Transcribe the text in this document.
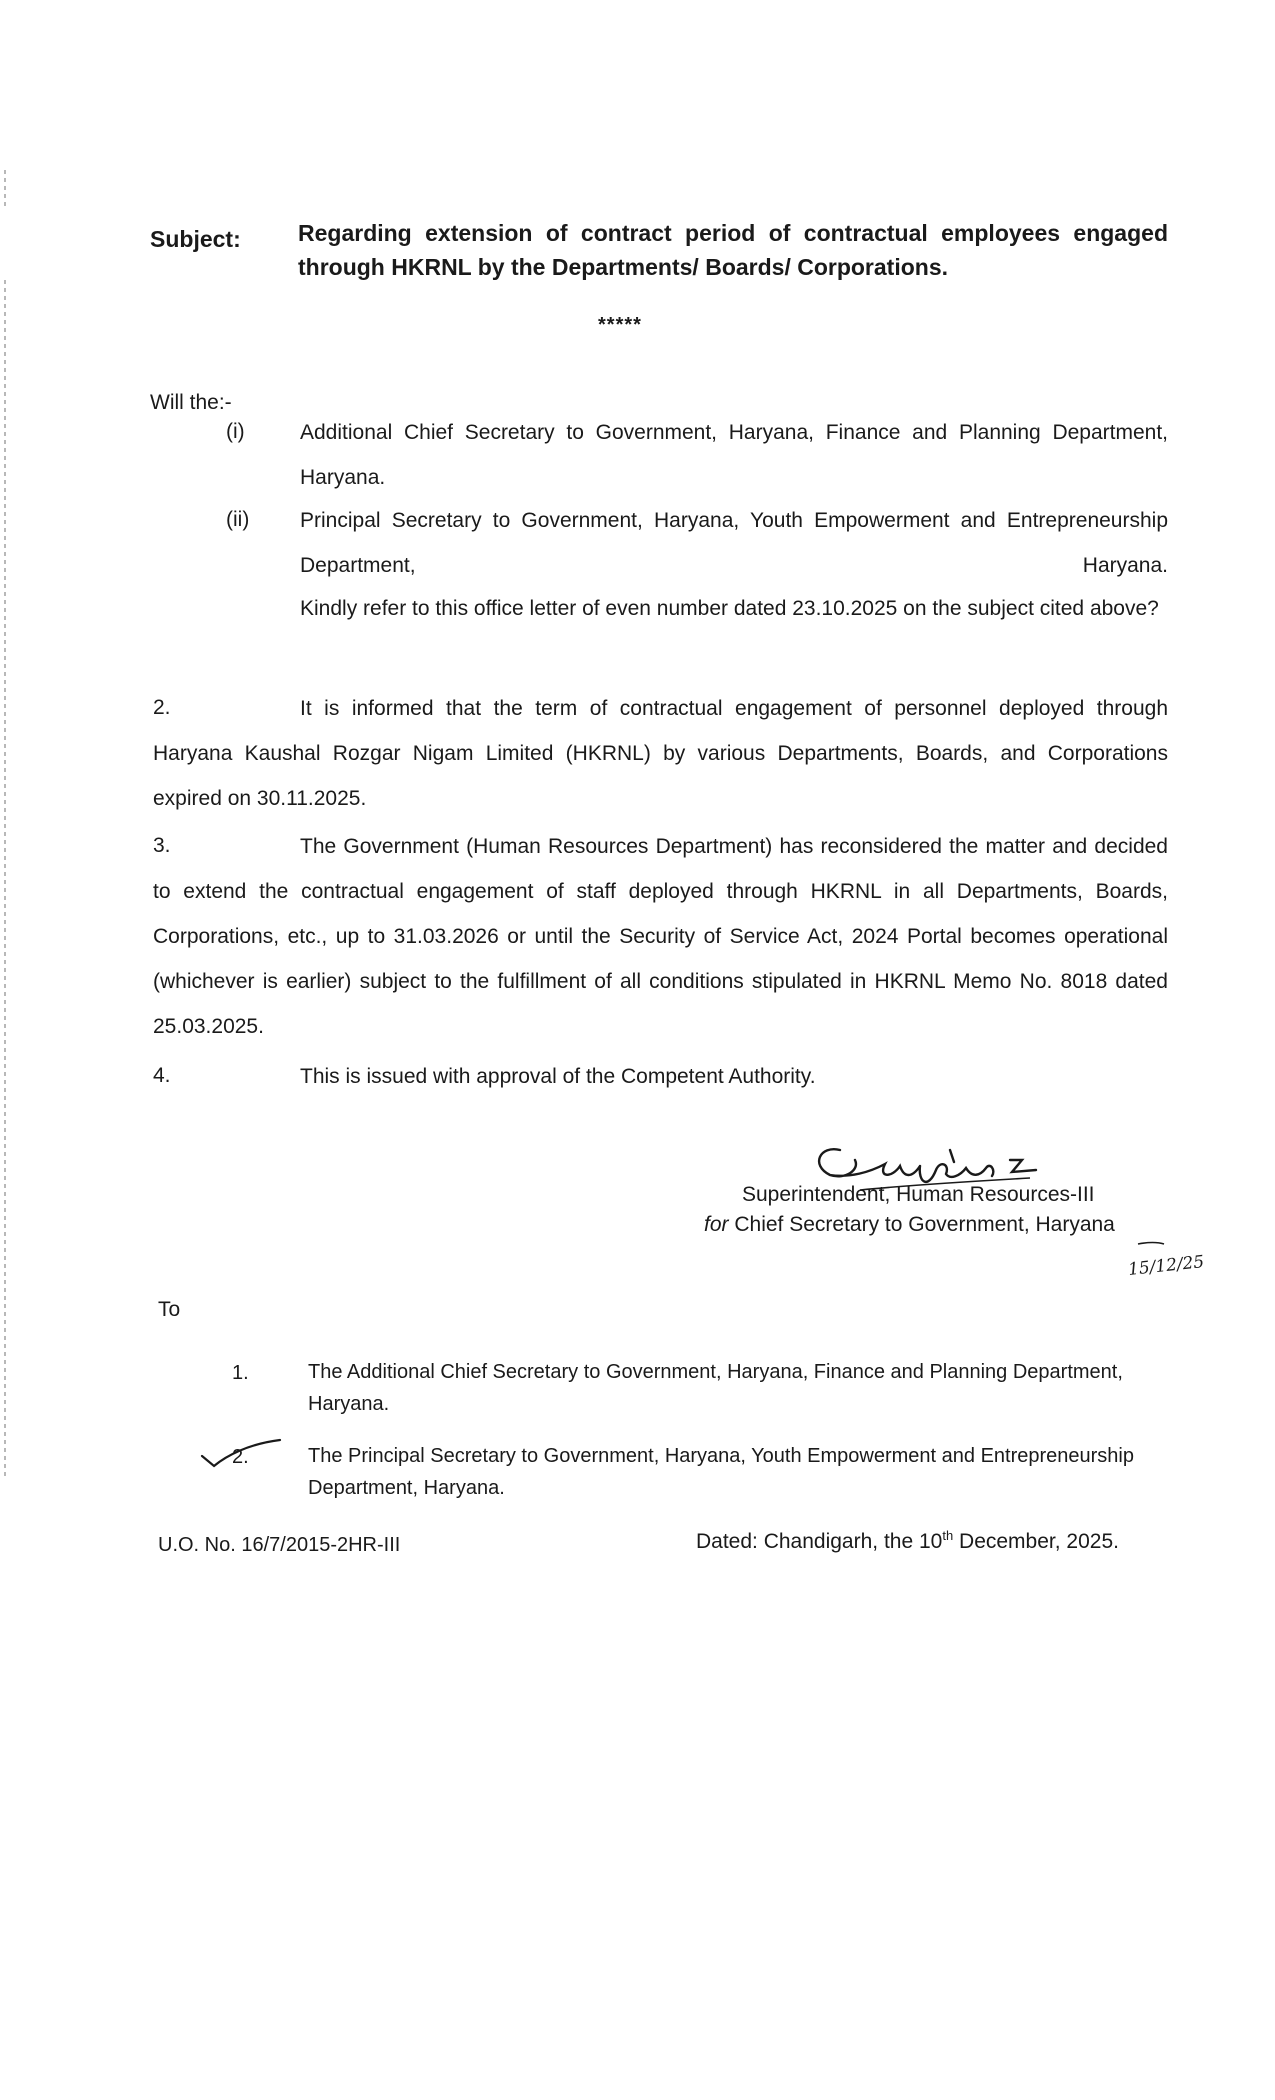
Subject: Regarding extension of contract period of contractual employees engaged through HKRNL by the Departments/ Boards/ Corporations.
*****
Will the:-
(i)	Additional Chief Secretary to Government, Haryana, Finance and Planning Department, Haryana.
(ii) Principal Secretary to Government, Haryana, Youth Empowerment and Entrepreneurship Department, Haryana.
Kindly refer to this office letter of even number dated 23.10.2025 on the subject cited above?
2.	It is informed that the term of contractual engagement of personnel deployed through Haryana Kaushal Rozgar Nigam Limited (HKRNL) by various Departments, Boards, and Corporations expired on 30.11.2025.
3.	The Government (Human Resources Department) has reconsidered the matter and decided to extend the contractual engagement of staff deployed through HKRNL in all Departments, Boards, Corporations, etc., up to 31.03.2026 or until the Security of Service Act, 2024 Portal becomes operational (whichever is earlier) subject to the fulfillment of all conditions stipulated in HKRNL Memo No. 8018 dated 25.03.2025.
4.	This is issued with approval of the Competent Authority.
Superintendent, Human Resources-III
for Chief Secretary to Government, Haryana
15/12/25
To
1.	The Additional Chief Secretary to Government, Haryana, Finance and Planning Department, Haryana.
2.	The Principal Secretary to Government, Haryana, Youth Empowerment and Entrepreneurship Department, Haryana.
U.O. No. 16/7/2015-2HR-III	Dated: Chandigarh, the 10th December, 2025.
